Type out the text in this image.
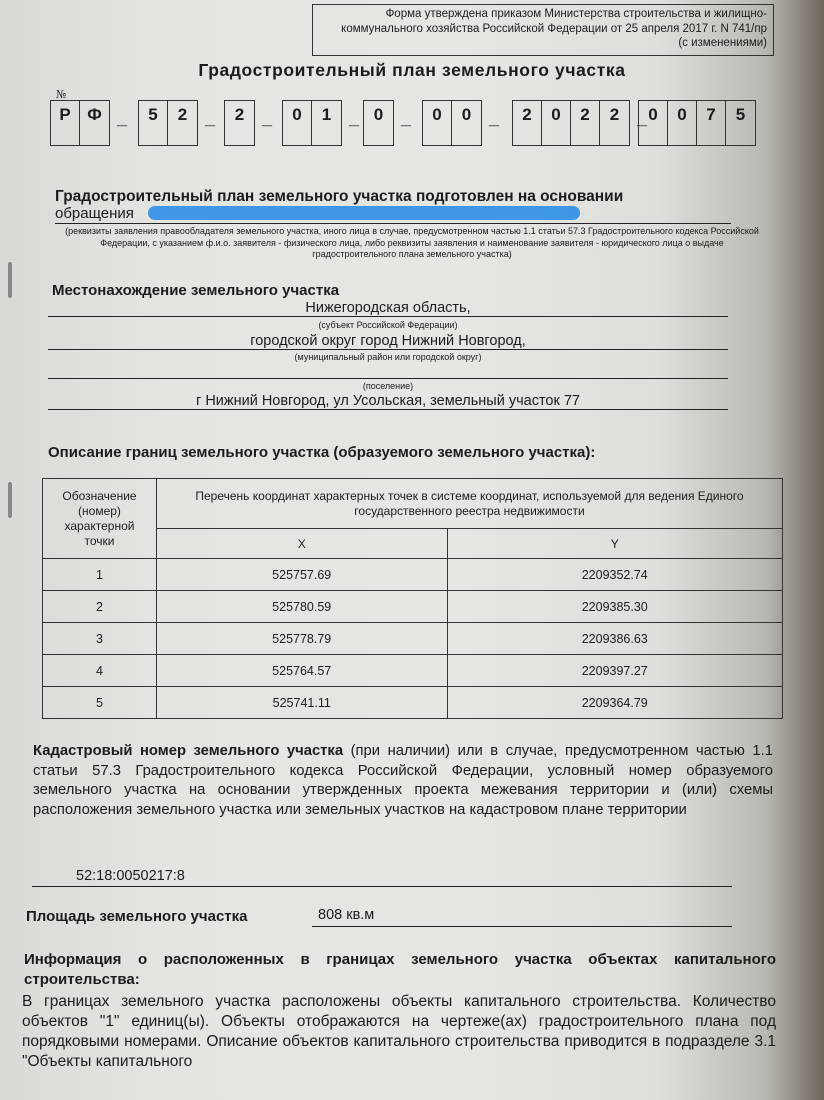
Форма утверждена приказом Министерства строительства и жилищно-
коммунального хозяйства Российской Федерации от 25 апреля 2017 г. N 741/пр
(с изменениями)
Градостроительный план земельного участка
№
Р Ф _	5	2 _	2 _	0	1 _ 0 _	0	0 _	2	0	2	2 _ 0	0	7	5
Градостроительный план земельного участка подготовлен на основании
обращения
(реквизиты заявления правообладателя земельного участка, иного лица в случае, предусмотренном частью 1.1 статьи 57.3 Градостроительного кодекса Российской Федерации, с указанием ф.и.о. заявителя - физического лица, либо реквизиты заявления и наименование заявителя - юридического лица о выдаче градостроительного плана земельного участка)
Местонахождение земельного участка
Нижегородская область,
(субъект Российской Федерации)
городской округ город Нижний Новгород,
(муниципальный район или городской округ)
(поселение)
г Нижний Новгород, ул Усольская, земельный участок 77
Описание границ земельного участка (образуемого земельного участка):
Обозначение (номер) характерной точки	Перечень координат характерных точек в системе координат, используемой для ведения Единого государственного реестра недвижимости	
	X	Y
1	525757.69	2209352.74
2	525780.59	2209385.30
3	525778.79	2209386.63
4	525764.57	2209397.27
5	525741.11	2209364.79
Кадастровый номер земельного участка (при наличии) или в случае, предусмотренном частью 1.1 статьи 57.3 Градостроительного кодекса Российской Федерации, условный номер образуемого земельного участка на основании утвержденных проекта межевания территории и (или) схемы расположения земельного участка или земельных участков на кадастровом плане территории
52:18:0050217:8
Площадь земельного участка	808 кв.м
Информация о расположенных в границах земельного участка объектах капитального строительства:
В границах земельного участка расположены объекты капитального строительства. Количество объектов "1" единиц(ы). Объекты отображаются на чертеже(ах) градостроительного плана под порядковыми номерами. Описание объектов капитального строительства приводится в подразделе 3.1 "Объекты капитального
